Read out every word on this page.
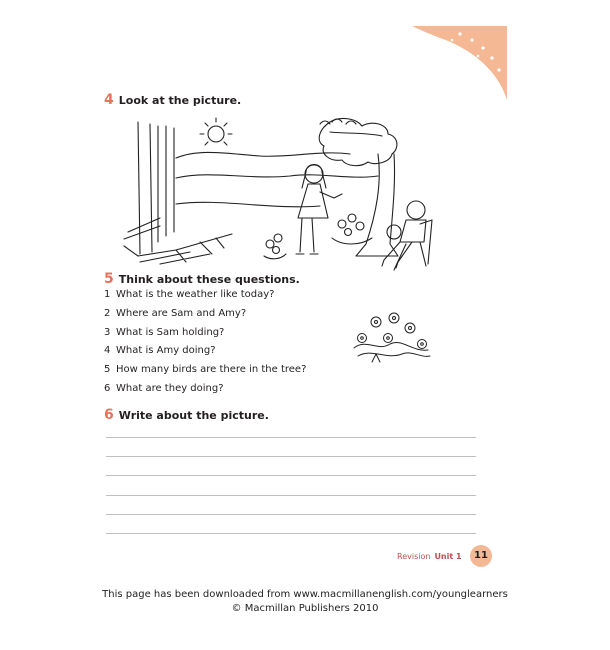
4 Look at the picture.
5 Think about these questions.
1 What is the weather like today?
2 Where are Sam and Amy?
3 What is Sam holding?
4 What is Amy doing?
5 How many birds are there in the tree?
6 What are they doing?
6 Write about the picture.
Revision Unit 1	11
This page has been downloaded from www.macmillanenglish.com/younglearners
© Macmillan Publishers 2010
